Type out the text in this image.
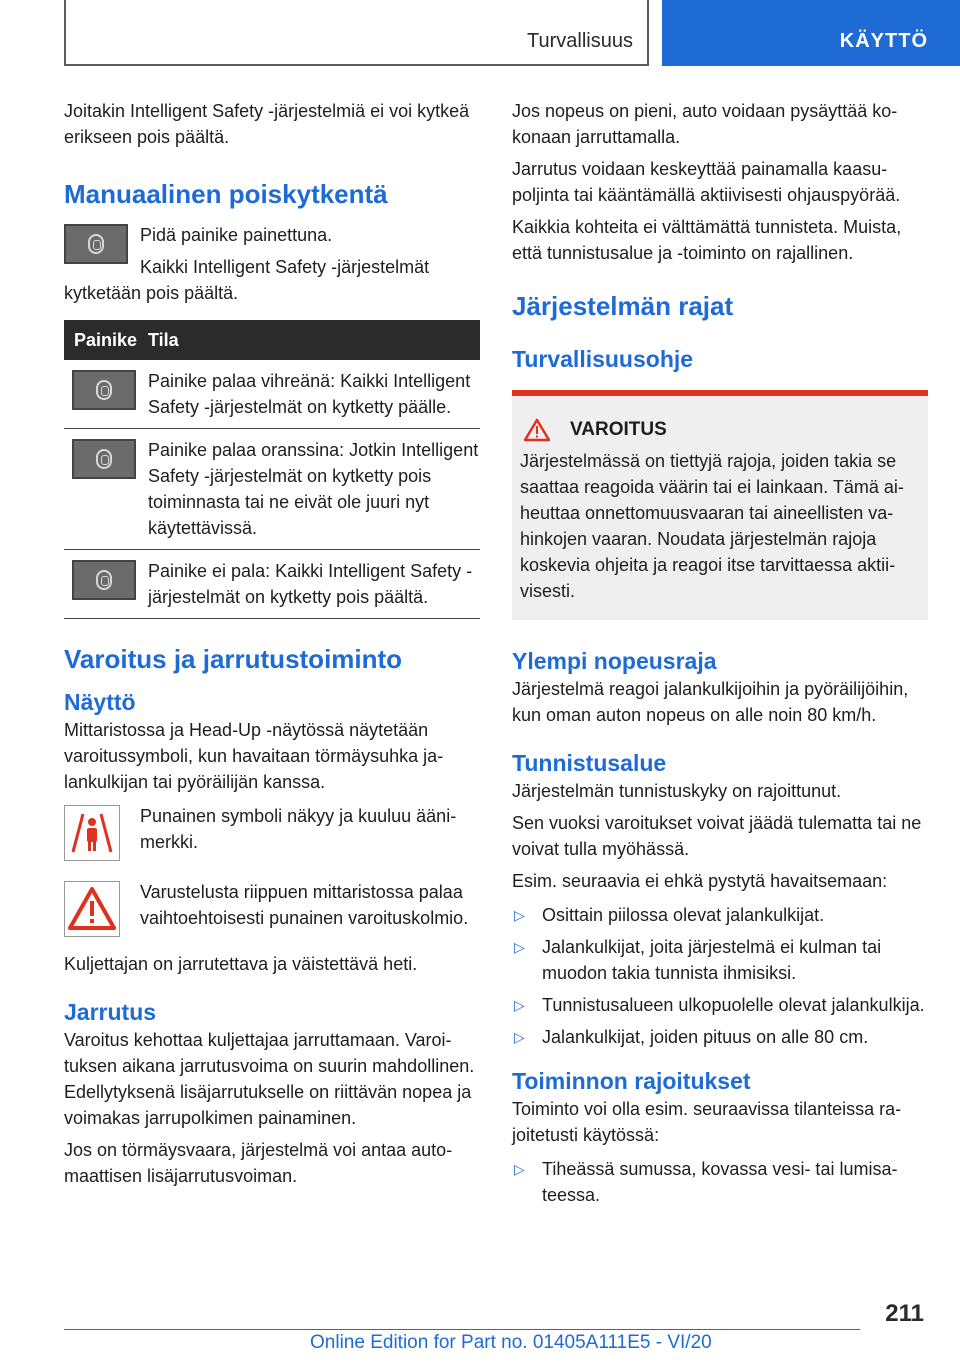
Turvallisuus	KÄYTTÖ

Joitakin Intelligent Safety -järjestelmiä ei voi kytkeä erikseen pois päältä.

Manuaalinen poiskytkentä

Pidä painike painettuna.

Kaikki Intelligent Safety -järjestelmät kytketään pois päältä.

Painike	Tila

	Painike palaa vihreänä: Kaikki Intelligent Safety -järjestelmät on kytketty päälle.

	Painike palaa oranssina: Jotkin Intelligent Safety -järjestelmät on kytketty pois toiminnasta tai ne eivät ole juuri nyt käytettävissä.

	Painike ei pala: Kaikki Intelligent Safety -järjestelmät on kytketty pois päältä.
Varoitus ja jarrutustoiminto
Näyttö

Mittaristossa ja Head-Up -näytössä näytetään varoitussymboli, kun havaitaan törmäysuhka jalankulkijan tai pyöräilijän kanssa.

Punainen symboli näkyy ja kuuluu äänimerkki.

Varustelusta riippuen mittaristossa palaa vaihtoehtoisesti punainen varoituskolmio.

Kuljettajan on jarrutettava ja väistettävä heti.

Jarrutus

Varoitus kehottaa kuljettajaa jarruttamaan. Varoituksen aikana jarrutusvoima on suurin mahdollinen. Edellytyksenä lisäjarrutukselle on riittävän nopea ja voimakas jarrupolkimen painaminen.

Jos on törmäysvaara, järjestelmä voi antaa automaattisen lisäjarrutusvoiman.

Jos nopeus on pieni, auto voidaan pysäyttää kokonaan jarruttamalla.

Jarrutus voidaan keskeyttää painamalla kaasupoljinta tai kääntämällä aktiivisesti ohjauspyörää.

Kaikkia kohteita ei välttämättä tunnisteta. Muista, että tunnistusalue ja -toiminto on rajallinen.

Järjestelmän rajat
Turvallisuusohje
VAROITUS

Järjestelmässä on tiettyjä rajoja, joiden takia se saattaa reagoida väärin tai ei lainkaan. Tämä aiheuttaa onnettomuusvaaran tai aineellisten vahinkojen vaaran. Noudata järjestelmän rajoja koskevia ohjeita ja reagoi itse tarvittaessa aktiivisesti.

Ylempi nopeusraja

Järjestelmä reagoi jalankulkijoihin ja pyöräilijöihin, kun oman auton nopeus on alle noin 80 km/h.

Tunnistusalue

Järjestelmän tunnistuskyky on rajoittunut.

Sen vuoksi varoitukset voivat jäädä tulematta tai ne voivat tulla myöhässä.

Esim. seuraavia ei ehkä pystytä havaitsemaan:

▷ Osittain piilossa olevat jalankulkijat.
▷ Jalankulkijat, joita järjestelmä ei kulman tai muodon takia tunnista ihmisiksi.
▷ Tunnistusalueen ulkopuolelle olevat jalankulkija.
▷ Jalankulkijat, joiden pituus on alle 80 cm.
Toiminnon rajoitukset

Toiminto voi olla esim. seuraavissa tilanteissa rajoitetusti käytössä:

▷ Tiheässä sumussa, kovassa vesi- tai lumisateessa.
211
Online Edition for Part no. 01405A111E5 - VI/20
